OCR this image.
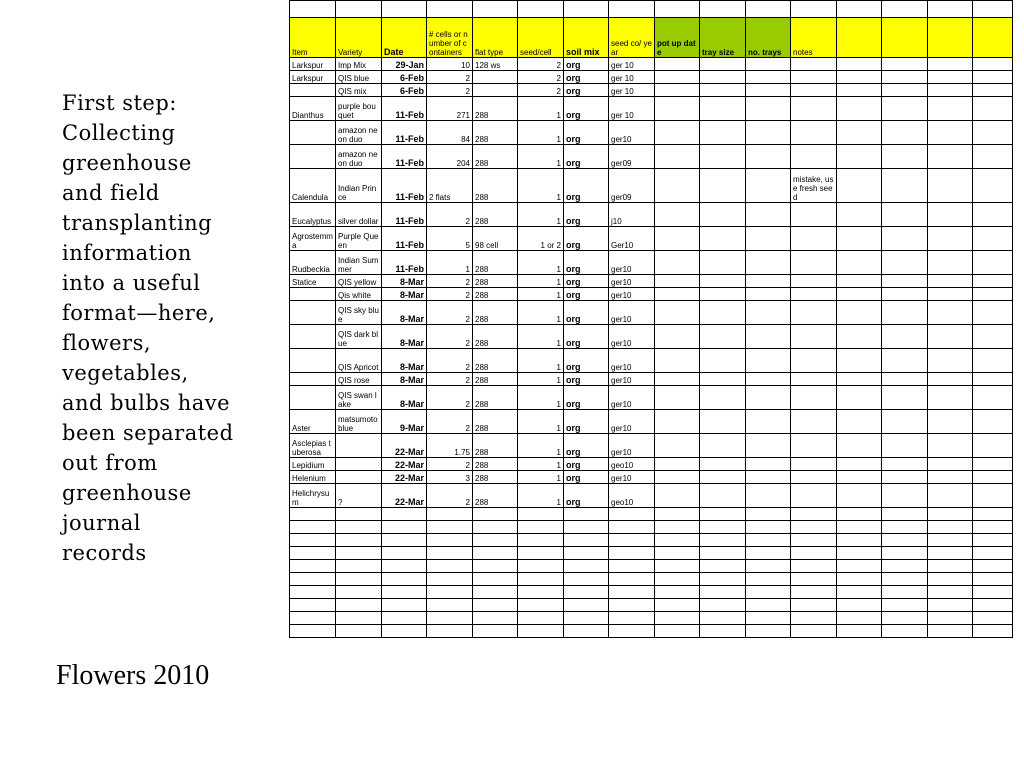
First step:
Collecting
greenhouse
and field
transplanting
information
into a useful
format—here,
flowers,
vegetables,
and bulbs have
been separated
out from
greenhouse
journal
records
Flowers 2010

Item	Variety	Date	# cells or number of containers	flat type	seed/cell	soil mix	seed co/ year	pot up date	tray size	no. trays	notes				
Larkspur	Imp Mix	29-Jan	10	128 ws	2	org	ger 10								
Larkspur	QIS blue	6-Feb	2		2	org	ger 10								
	QIS mix	6-Feb	2		2	org	ger 10								
Dianthus	purple bouquet	11-Feb	271	288	1	org	ger 10								
	amazon neon duo	11-Feb	84	288	1	org	ger10								
	amazon neon duo	11-Feb	204	288	1	org	ger09								
Calendula	Indian Prince	11-Feb	2 flats	288	1	org	ger09				mistake, use fresh seed				
Eucalyptus	silver dollar	11-Feb	2	288	1	org	j10								
Agrostemma	Purple Queen	11-Feb	5	98 cell	1 or 2	org	Ger10								
Rudbeckia	Indian Summer	11-Feb	1	288	1	org	ger10								
Statice	QIS yellow	8-Mar	2	288	1	org	ger10								
	Qis white	8-Mar	2	288	1	org	ger10								
	QIS sky blue	8-Mar	2	288	1	org	ger10								
	QIS dark blue	8-Mar	2	288	1	org	ger10								
	QIS Apricot	8-Mar	2	288	1	org	ger10								
	QIS rose	8-Mar	2	288	1	org	ger10								
	QIS swan lake	8-Mar	2	288	1	org	ger10								
Aster	matsumoto blue	9-Mar	2	288	1	org	ger10								
Asclepias tuberosa		22-Mar	1.75	288	1	org	ger10								
Lepidium		22-Mar	2	288	1	org	geo10								
Helenium		22-Mar	3	288	1	org	ger10								
Helichrysum	?	22-Mar	2	288	1	org	geo10								
